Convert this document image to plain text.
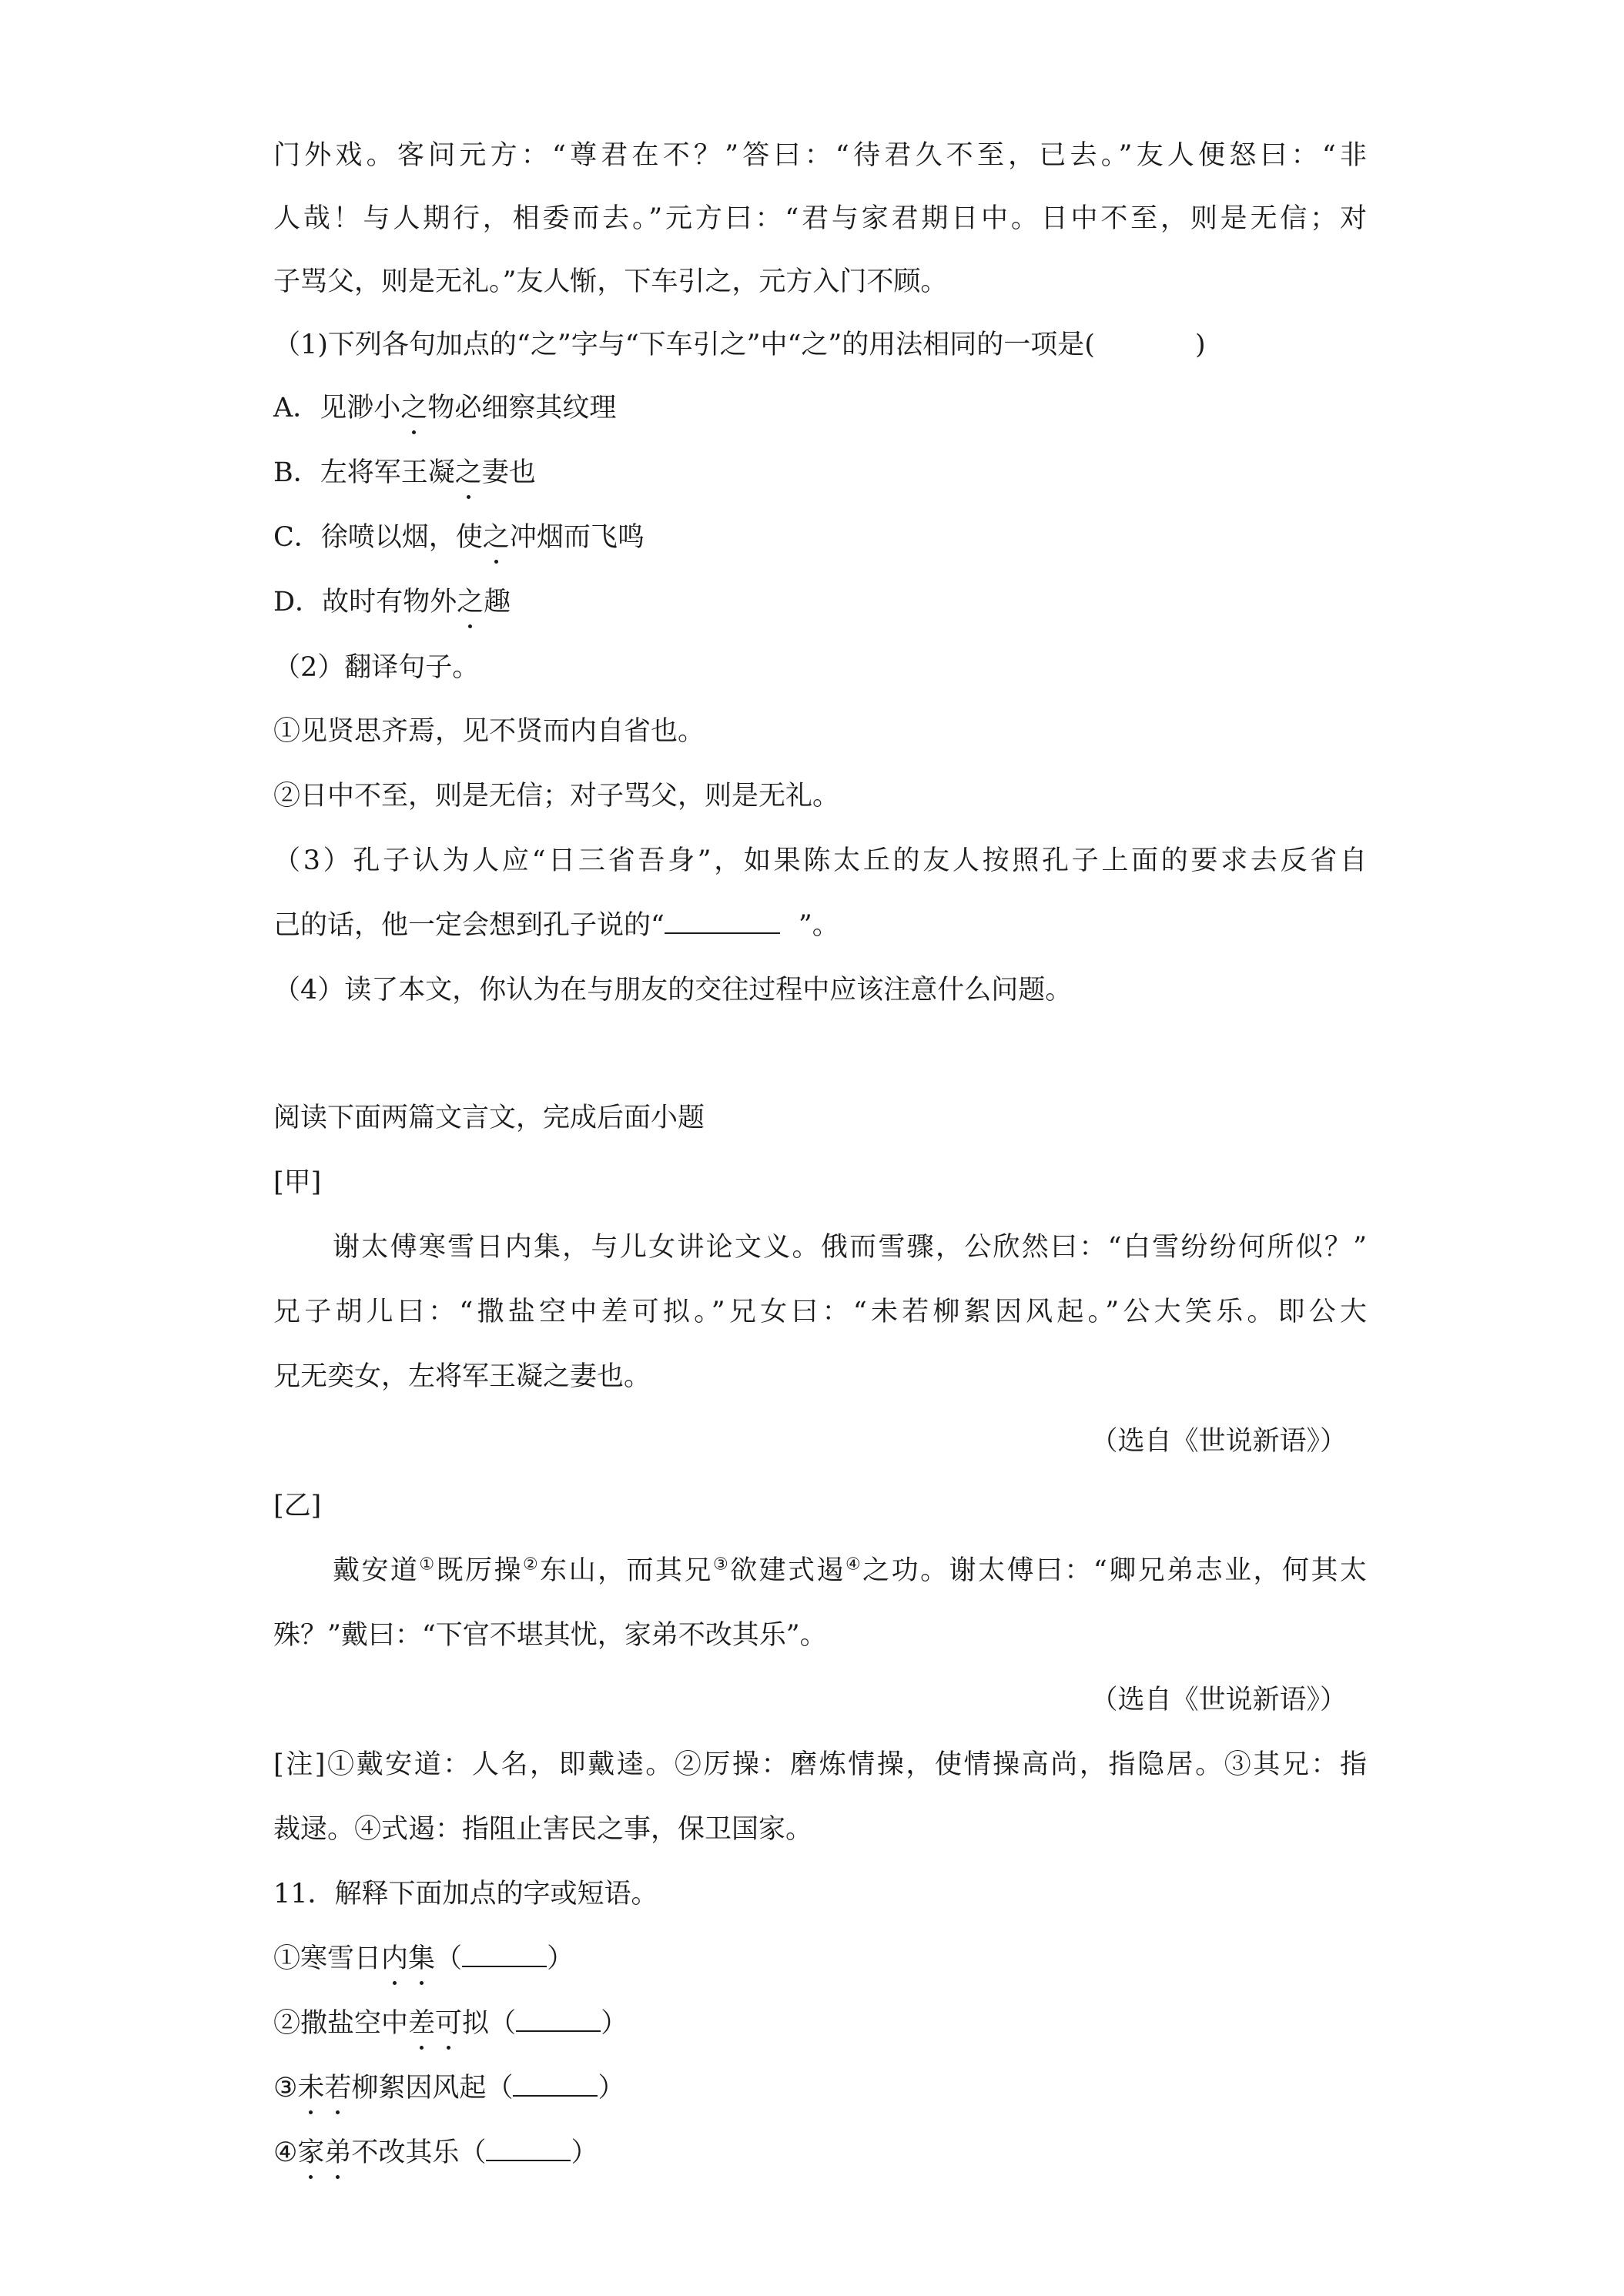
门外戏。客问元方：“尊君在不？”答曰：“待君久不至，已去。”友人便怒曰：“非
人哉！与人期行，相委而去。”元方曰：“君与家君期日中。日中不至，则是无信；对
子骂父，则是无礼。”友人惭，下车引之，元方入门不顾。
（1)下列各句加点的“之”字与“下车引之”中“之”的用法相同的一项是(	)
A．见渺小之物必细察其纹理
B．左将军王凝之妻也
C．徐喷以烟，使之冲烟而飞鸣
D．故时有物外之趣
（2）翻译句子。
①见贤思齐焉，见不贤而内自省也。
②日中不至，则是无信；对子骂父，则是无礼。
（3）孔子认为人应“日三省吾身”，如果陈太丘的友人按照孔子上面的要求去反省自
己的话，他一定会想到孔子说的“	”。
（4）读了本文，你认为在与朋友的交往过程中应该注意什么问题。
阅读下面两篇文言文，完成后面小题
[甲]
谢太傅寒雪日内集，与儿女讲论文义。俄而雪骤，公欣然曰：“白雪纷纷何所似？”
兄子胡儿曰：“撒盐空中差可拟。”兄女曰：“未若柳絮因风起。”公大笑乐。即公大
兄无奕女，左将军王凝之妻也。
（选自《世说新语》）
[乙]
戴安道①既厉操②东山，而其兄③欲建式遏④之功。谢太傅曰：“卿兄弟志业，何其太
殊？”戴曰：“下官不堪其忧，家弟不改其乐”。
（选自《世说新语》）
[注]①戴安道：人名，即戴逵。②厉操：磨炼情操，使情操高尚，指隐居。③其兄：指
裁逯。④式遏：指阻止害民之事，保卫国家。
11．解释下面加点的字或短语。
①寒雪日内集（	）
②撒盐空中差可拟（	）
③未若柳絮因风起（	）
④家弟不改其乐（	）
